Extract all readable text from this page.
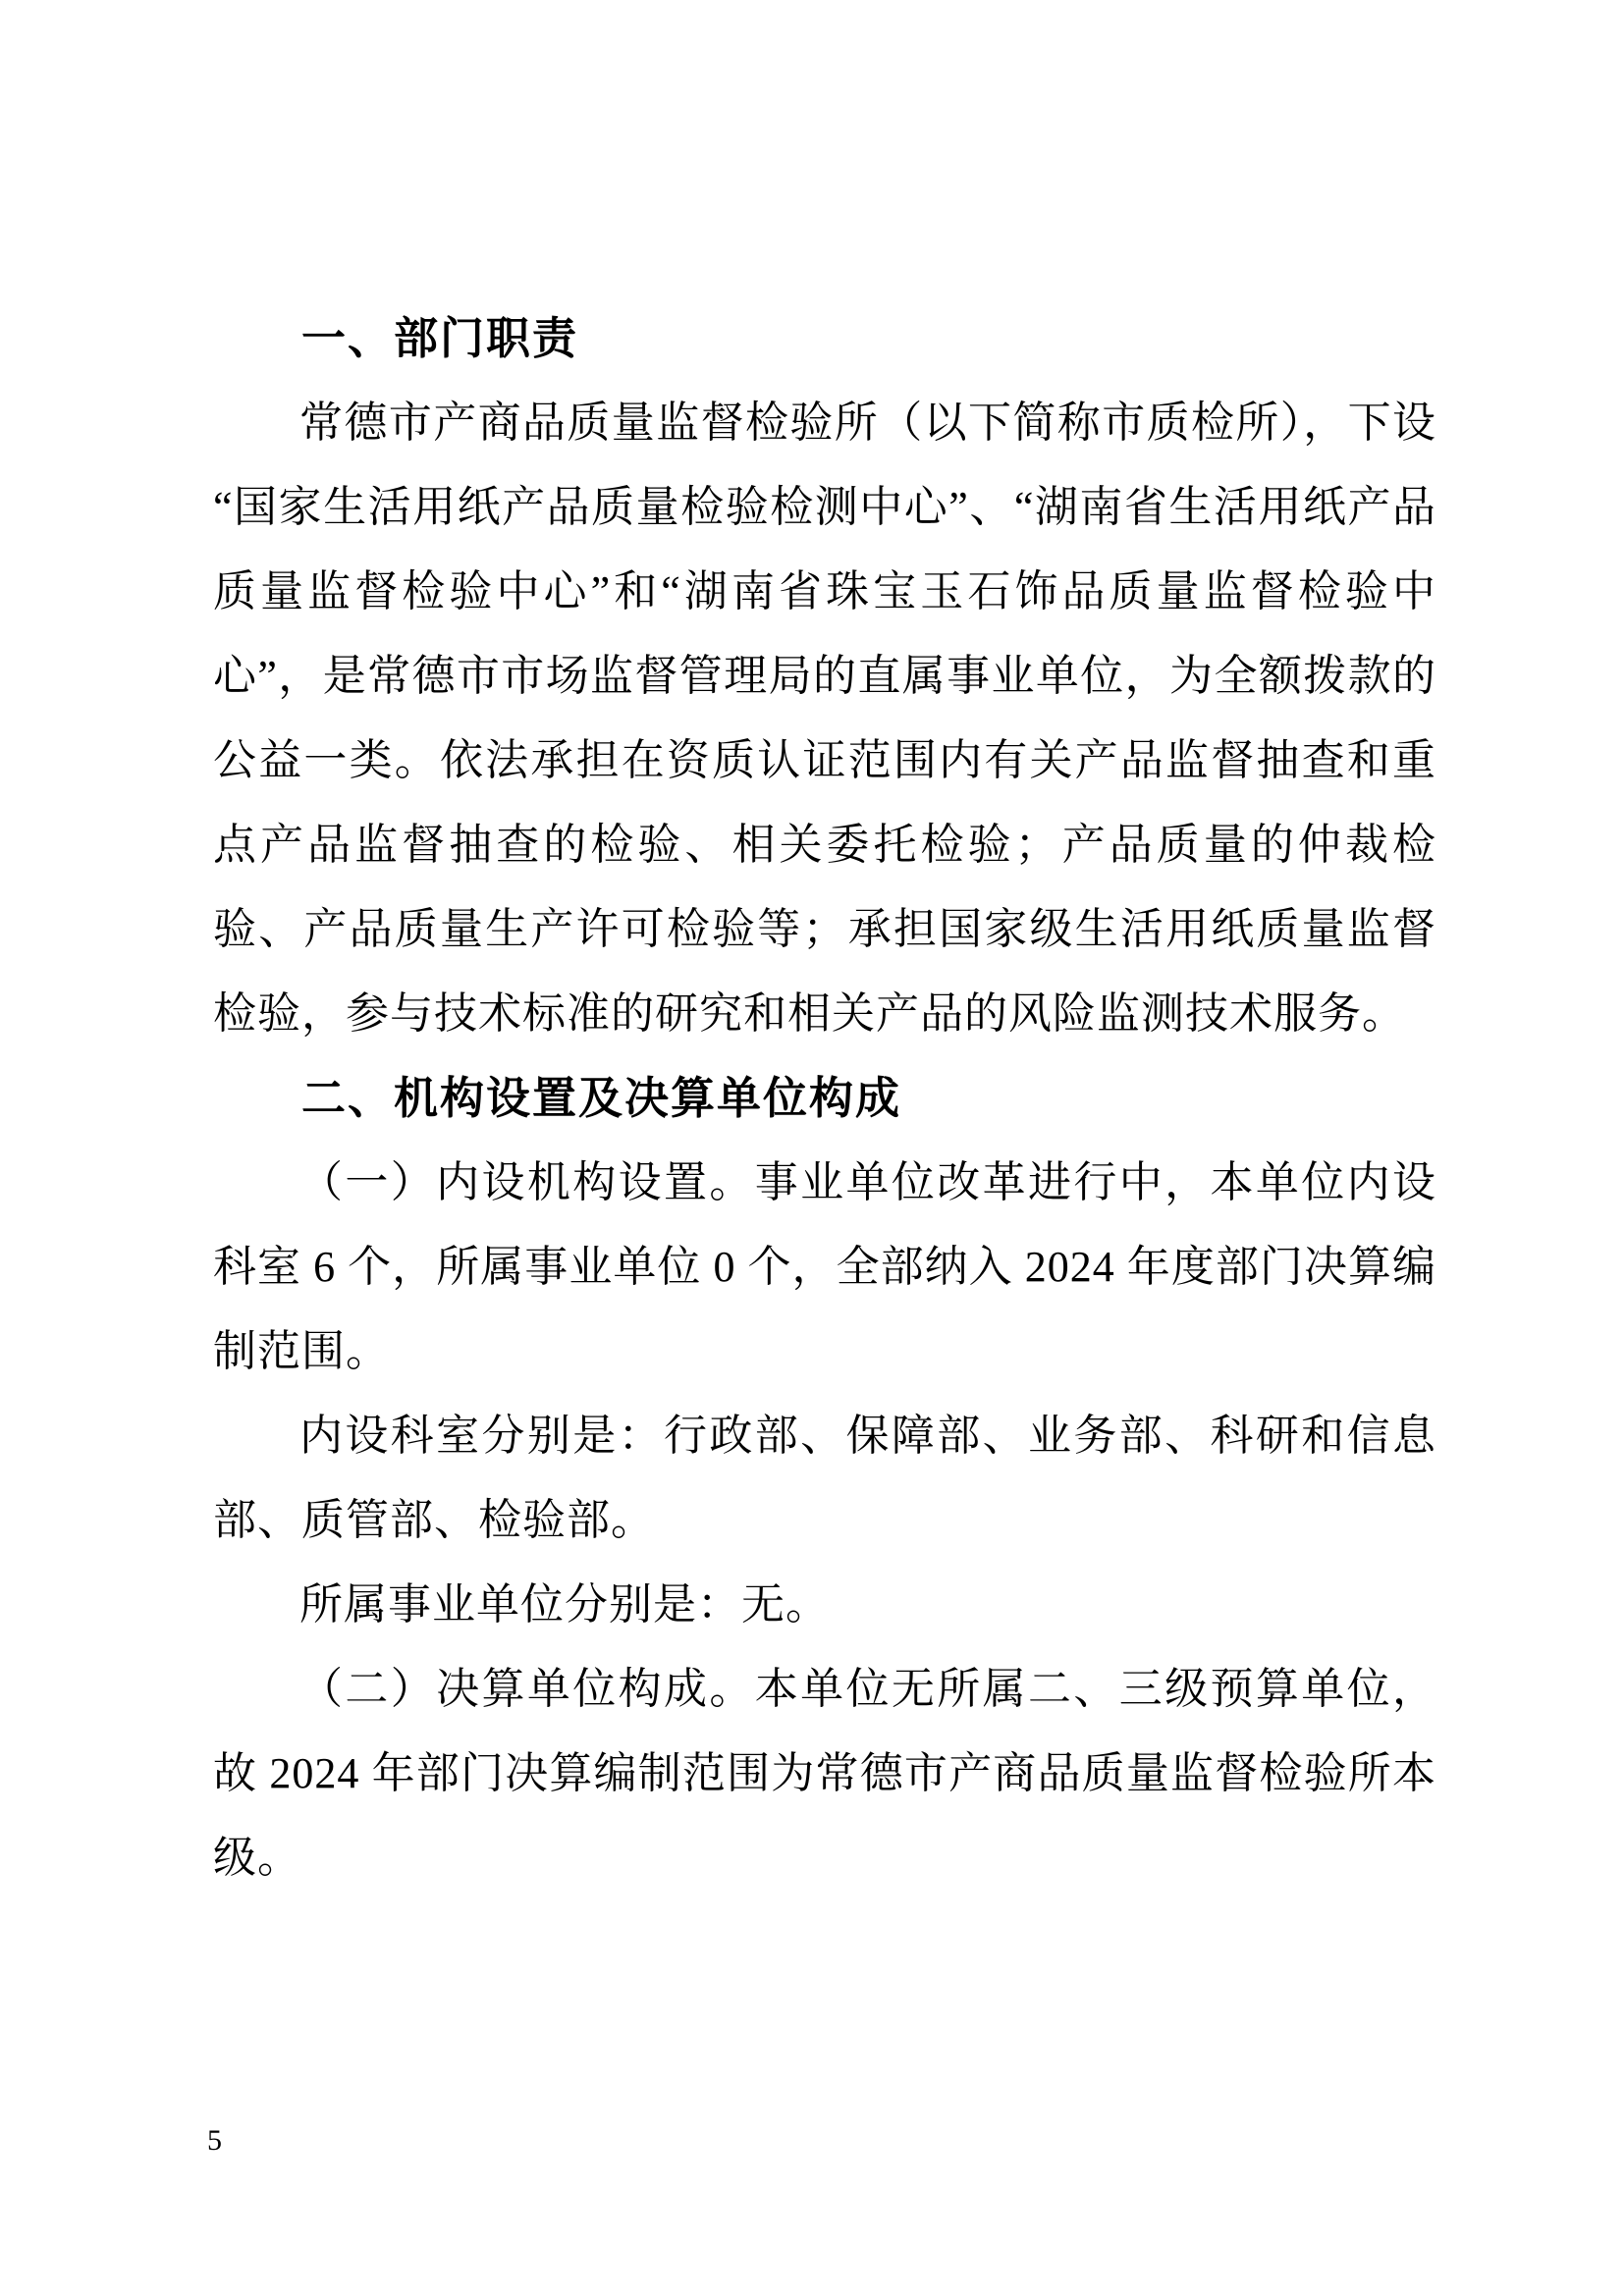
一、部门职责

常德市产商品质量监督检验所（以下简称市质检所），下设“国家生活用纸产品质量检验检测中心”、“湖南省生活用纸产品质量监督检验中心”和“湖南省珠宝玉石饰品质量监督检验中心”，是常德市市场监督管理局的直属事业单位，为全额拨款的公益一类。依法承担在资质认证范围内有关产品监督抽查和重点产品监督抽查的检验、相关委托检验；产品质量的仲裁检验、产品质量生产许可检验等；承担国家级生活用纸质量监督检验，参与技术标准的研究和相关产品的风险监测技术服务。

二、机构设置及决算单位构成

（一）内设机构设置。事业单位改革进行中，本单位内设科室 6 个，所属事业单位 0 个，全部纳入 2024 年度部门决算编制范围。

内设科室分别是：行政部、保障部、业务部、科研和信息部、质管部、检验部。

所属事业单位分别是：无。

（二）决算单位构成。本单位无所属二、三级预算单位，故 2024 年部门决算编制范围为常德市产商品质量监督检验所本级。

5
